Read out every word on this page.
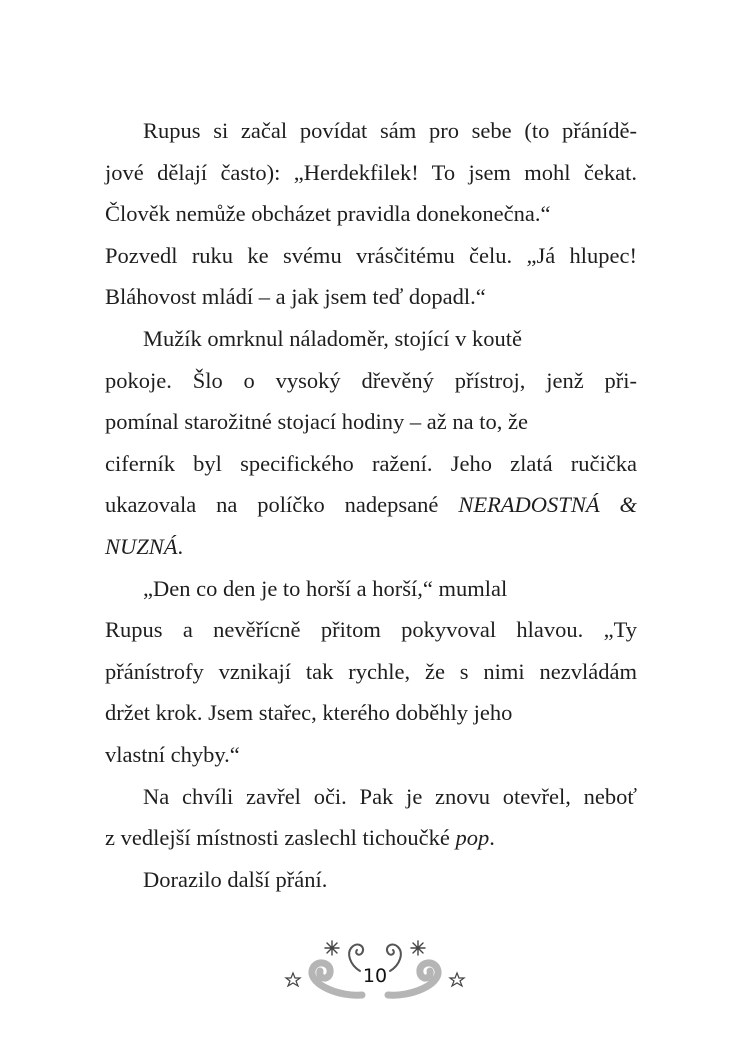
Rupus si začal povídat sám pro sebe (to přánídě-
jové dělají často): „Herdekfilek! To jsem mohl čekat.
Člověk nemůže obcházet pravidla donekonečna.“
Pozvedl ruku ke svému vrásčitému čelu. „Já hlupec!
Bláhovost mládí – a jak jsem teď dopadl.“
Mužík omrknul náladoměr, stojící v koutě
pokoje. Šlo o vysoký dřevěný přístroj, jenž při-
pomínal starožitné stojací hodiny – až na to, že
ciferník byl specifického ražení. Jeho zlatá ručička
ukazovala na políčko nadepsané NERADOSTNÁ &
NUZNÁ.
„Den co den je to horší a horší,“ mumlal
Rupus a nevěřícně přitom pokyvoval hlavou. „Ty
přánístrofy vznikají tak rychle, že s nimi nezvládám
držet krok. Jsem stařec, kterého doběhly jeho
vlastní chyby.“
Na chvíli zavřel oči. Pak je znovu otevřel, neboť
z vedlejší místnosti zaslechl tichoučké pop.
Dorazilo další přání.
10
